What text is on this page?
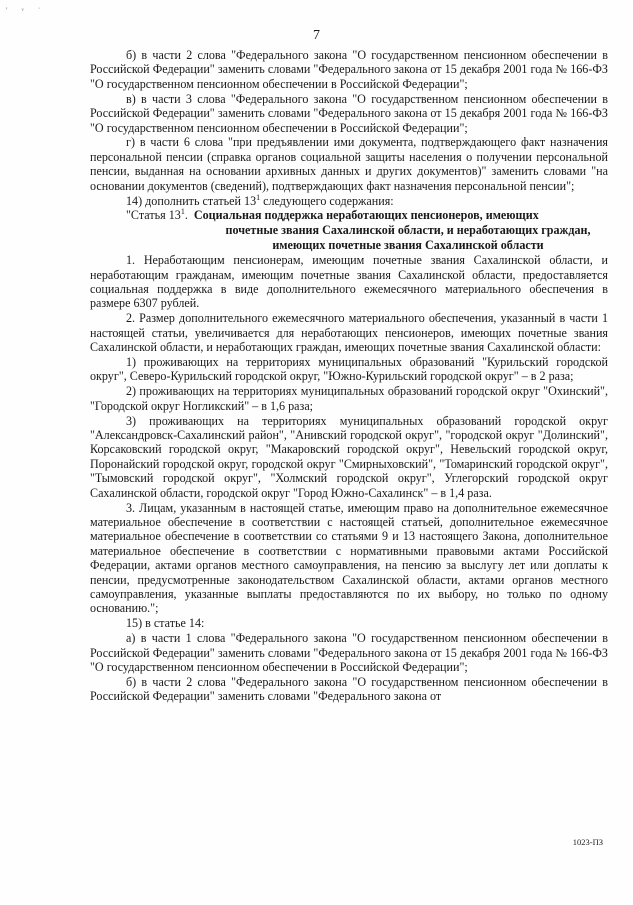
' ᵛ ˙
7

б) в части 2 слова "Федерального закона "О государственном пенсионном обеспечении в Российской Федерации" заменить словами "Федерального закона от 15 декабря 2001 года № 166-ФЗ "О государственном пенсионном обеспечении в Российской Федерации";

в) в части 3 слова "Федерального закона "О государственном пенсионном обеспечении в Российской Федерации" заменить словами "Федерального закона от 15 декабря 2001 года № 166-ФЗ "О государственном пенсионном обеспечении в Российской Федерации";

г) в части 6 слова "при предъявлении ими документа, подтверждающего факт назначения персональной пенсии (справка органов социальной защиты населения о получении персональной пенсии, выданная на основании архивных данных и других документов)" заменить словами "на основании документов (сведений), подтверждающих факт назначения персональной пенсии";

14) дополнить статьей $13^1$ следующего содержания:

"Статья $13^1$. Социальная поддержка неработающих пенсионеров, имеющих

почетные звания Сахалинской области, и неработающих граждан, имеющих почетные звания Сахалинской области

1. Неработающим пенсионерам, имеющим почетные звания Сахалинской области, и неработающим гражданам, имеющим почетные звания Сахалинской области, предоставляется социальная поддержка в виде дополнительного ежемесячного материального обеспечения в размере 6307 рублей.

2. Размер дополнительного ежемесячного материального обеспечения, указанный в части 1 настоящей статьи, увеличивается для неработающих пенсионеров, имеющих почетные звания Сахалинской области, и неработающих граждан, имеющих почетные звания Сахалинской области:

1) проживающих на территориях муниципальных образований "Курильский городской округ", Северо-Курильский городской округ, "Южно-Курильский городской округ" – в 2 раза;

2) проживающих на территориях муниципальных образований городской округ "Охинский", "Городской округ Ногликский" – в 1,6 раза;

3) проживающих на территориях муниципальных образований городской округ "Александровск-Сахалинский район", "Анивский городской округ", "городской округ "Долинский", Корсаковский городской округ, "Макаровский городской округ", Невельский городской округ, Поронайский городской округ, городской округ "Смирныховский", "Томаринский городской округ", "Тымовский городской округ", "Холмский городской округ", Углегорский городской округ Сахалинской области, городской округ "Город Южно-Сахалинск" – в 1,4 раза.

3. Лицам, указанным в настоящей статье, имеющим право на дополнительное ежемесячное материальное обеспечение в соответствии с настоящей статьей, дополнительное ежемесячное материальное обеспечение в соответствии со статьями 9 и 13 настоящего Закона, дополнительное материальное обеспечение в соответствии с нормативными правовыми актами Российской Федерации, актами органов местного самоуправления, на пенсию за выслугу лет или доплаты к пенсии, предусмотренные законодательством Сахалинской области, актами органов местного самоуправления, указанные выплаты предоставляются по их выбору, но только по одному основанию.";

15) в статье 14:

а) в части 1 слова "Федерального закона "О государственном пенсионном обеспечении в Российской Федерации" заменить словами "Федерального закона от 15 декабря 2001 года № 166-ФЗ "О государственном пенсионном обеспечении в Российской Федерации";

б) в части 2 слова "Федерального закона "О государственном пенсионном обеспечении в Российской Федерации" заменить словами "Федерального закона от

1023-ПЗ
